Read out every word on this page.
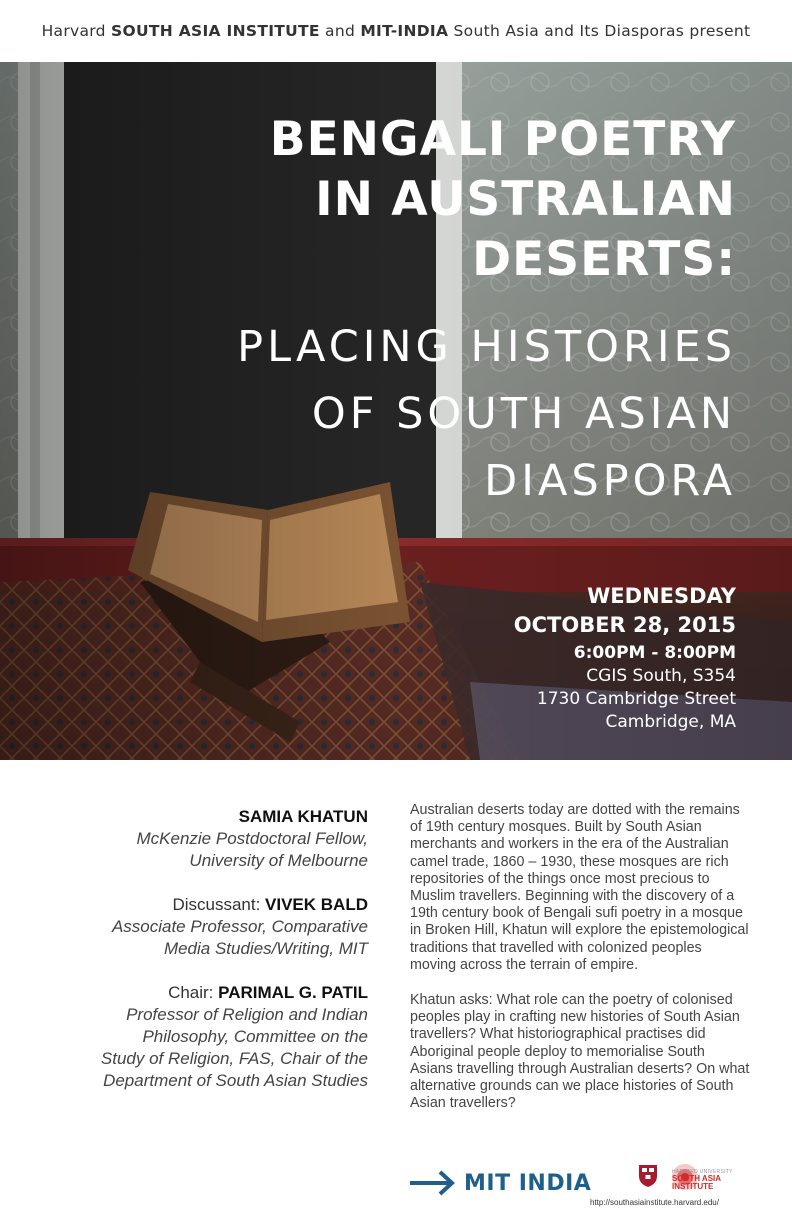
Harvard SOUTH ASIA INSTITUTE and MIT-INDIA South Asia and Its Diasporas present
BENGALI POETRY
IN AUSTRALIAN
DESERTS:
PLACING HISTORIES
OF SOUTH ASIAN
DIASPORA
WEDNESDAY
OCTOBER 28, 2015
6:00PM - 8:00PM
CGIS South, S354
1730 Cambridge Street
Cambridge, MA
SAMIA KHATUN
McKenzie Postdoctoral Fellow,
University of Melbourne
Discussant: VIVEK BALD
Associate Professor, Comparative
Media Studies/Writing, MIT
Chair: PARIMAL G. PATIL
Professor of Religion and Indian
Philosophy, Committee on the
Study of Religion, FAS, Chair of the
Department of South Asian Studies

Australian deserts today are dotted with the remains of 19th century mosques. Built by South Asian merchants and workers in the era of the Australian camel trade, 1860 – 1930, these mosques are rich repositories of the things once most precious to Muslim travellers. Beginning with the discovery of a 19th century book of Bengali sufi poetry in a mosque in Broken Hill, Khatun will explore the epistemological traditions that travelled with colonized peoples moving across the terrain of empire.

Khatun asks: What role can the poetry of colonised peoples play in crafting new histories of South Asian travellers? What historiographical practises did Aboriginal people deploy to memorialise South Asians travelling through Australian deserts? On what alternative grounds can we place histories of South Asian travellers?

MIT INDIA	HARVARD UNIVERSITY
SOUTH ASIA INSTITUTE
http://southasiainstitute.harvard.edu/
